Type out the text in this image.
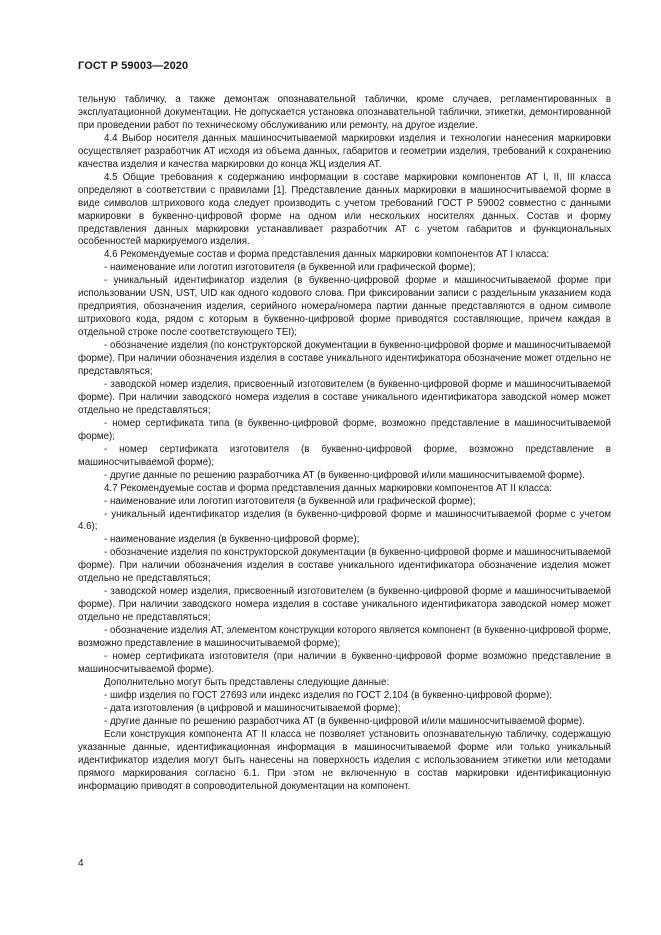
ГОСТ Р 59003—2020

тельную табличку, а также демонтаж опознавательной таблички, кроме случаев, регламентированных в эксплуатационной документации. Не допускается установка опознавательной таблички, этикетки, демонтированной при проведении работ по техническому обслуживанию или ремонту, на другое изделие.

4.4 Выбор носителя данных машиносчитываемой маркировки изделия и технологии нанесения маркировки осуществляет разработчик АТ исходя из объема данных, габаритов и геометрии изделия, требований к сохранению качества изделия и качества маркировки до конца ЖЦ изделия АТ.

4.5 Общие требования к содержанию информации в составе маркировки компонентов АТ I, II, III класса определяют в соответствии с правилами [1]. Представление данных маркировки в машиносчитываемой форме в виде символов штрихового кода следует производить с учетом требований ГОСТ Р 59002 совместно с данными маркировки в буквенно-цифровой форме на одном или нескольких носителях данных. Состав и форму представления данных маркировки устанавливает разработчик АТ с учетом габаритов и функциональных особенностей маркируемого изделия.

4.6 Рекомендуемые состав и форма представления данных маркировки компонентов АТ I класса:

- наименование или логотип изготовителя (в буквенной или графической форме);

- уникальный идентификатор изделия (в буквенно-цифровой форме и машиносчитываемой форме при использовании USN, UST, UID как одного кодового слова. При фиксировании записи с раздельным указанием кода предприятия, обозначения изделия, серийного номера/номера партии данные представляются в одном символе штрихового кода, рядом с которым в буквенно-цифровой форме приводятся составляющие, причем каждая в отдельной строке после соответствующего TEI);

- обозначение изделия (по конструкторской документации в буквенно-цифровой форме и машиносчитываемой форме). При наличии обозначения изделия в составе уникального идентификатора обозначение может отдельно не представляться;

- заводской номер изделия, присвоенный изготовителем (в буквенно-цифровой форме и машиносчитываемой форме). При наличии заводского номера изделия в составе уникального идентификатора заводской номер может отдельно не представляться;

- номер сертификата типа (в буквенно-цифровой форме, возможно представление в машиносчитываемой форме);

- номер сертификата изготовителя (в буквенно-цифровой форме, возможно представление в машиносчитываемой форме);

- другие данные по решению разработчика АТ (в буквенно-цифровой и/или машиносчитываемой форме).

4.7 Рекомендуемые состав и форма представления данных маркировки компонентов АТ II класса:

- наименование или логотип изготовителя (в буквенной или графической форме);

- уникальный идентификатор изделия (в буквенно-цифровой форме и машиносчитываемой форме с учетом 4.6);

- наименование изделия (в буквенно-цифровой форме);

- обозначение изделия по конструкторской документации (в буквенно-цифровой форме и машиносчитываемой форме). При наличии обозначения изделия в составе уникального идентификатора обозначение изделия может отдельно не представляться;

- заводской номер изделия, присвоенный изготовителем (в буквенно-цифровой форме и машиносчитываемой форме). При наличии заводского номера изделия в составе уникального идентификатора заводской номер может отдельно не представляться;

- обозначение изделия АТ, элементом конструкции которого является компонент (в буквенно-цифровой форме, возможно представление в машиносчитываемой форме);

- номер сертификата изготовителя (при наличии в буквенно-цифровой форме возможно представление в машиносчитываемой форме).

Дополнительно могут быть представлены следующие данные:

- шифр изделия по ГОСТ 27693 или индекс изделия по ГОСТ 2.104 (в буквенно-цифровой форме);

- дата изготовления (в цифровой и машиносчитываемой форме);

- другие данные по решению разработчика АТ (в буквенно-цифровой и/или машиносчитываемой форме).

Если конструкция компонента АТ II класса не позволяет установить опознавательную табличку, содержащую указанные данные, идентификационная информация в машиносчитываемой форме или только уникальный идентификатор изделия могут быть нанесены на поверхность изделия с использованием этикетки или методами прямого маркирования согласно 6.1. При этом не включенную в состав маркировки идентификационную информацию приводят в сопроводительной документации на компонент.

4
